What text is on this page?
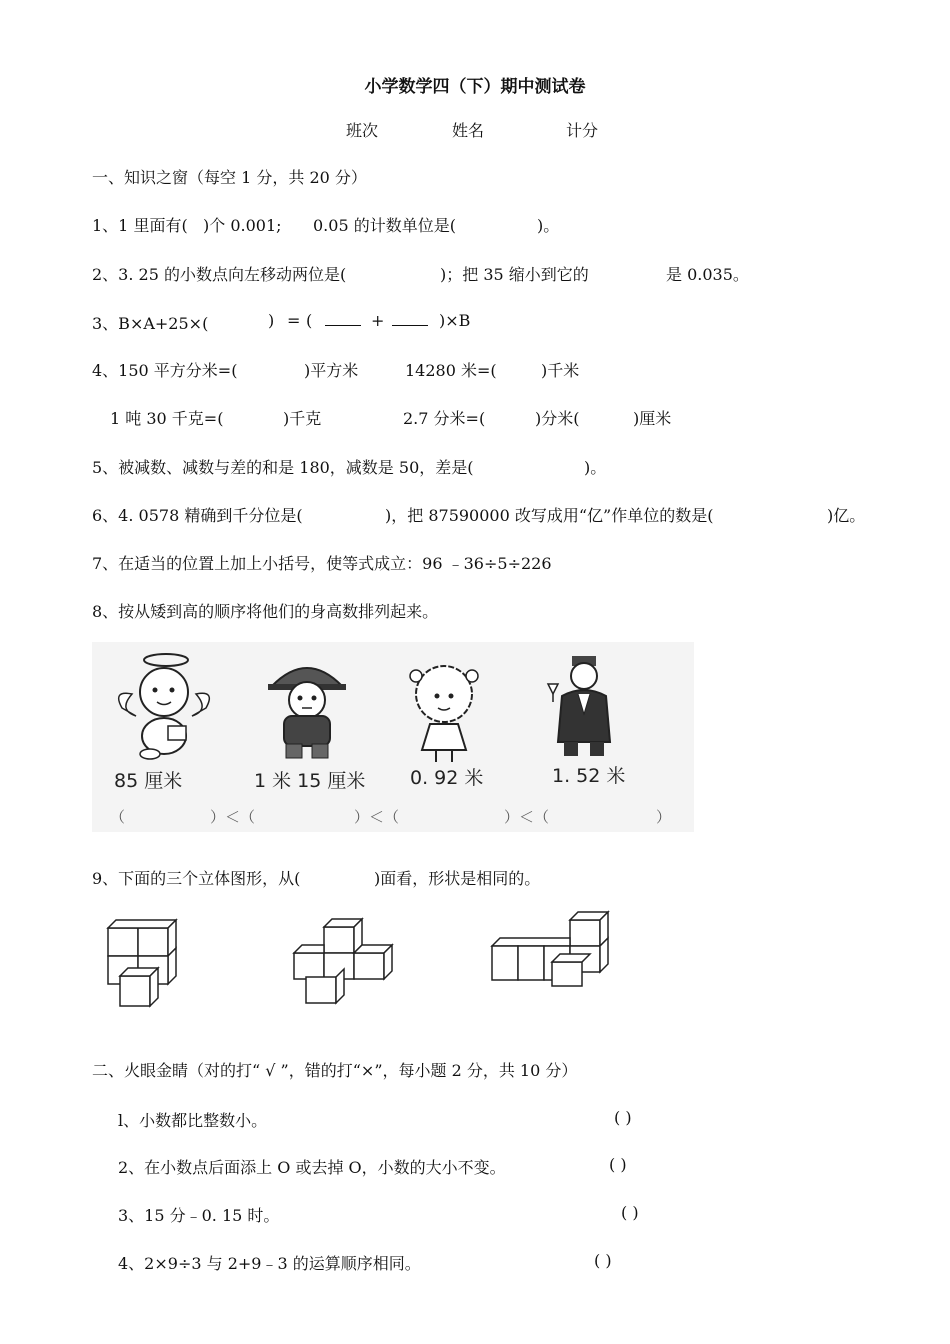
小学数学四（下）期中测试卷
班次	姓名	计分
一、知识之窗（每空 1 分，共 20 分）
1、1 里面有( )个 0.001; 0.05 的计数单位是(	)。
2、3. 25 的小数点向左移动两位是(	)；把 35 缩小到它的	是 0.035。
3、B×A+25×(	) = (	+	)×B
4、150 平方分米=(	)平方米	14280 米=(	)千米
1 吨 30 千克=(	)千克	2.7 分米=(	)分米(	)厘米
5、被减数、减数与差的和是 180，减数是 50，差是(	)。
6、4. 0578 精确到千分位是(	)，把 87590000 改写成用“亿”作单位的数是(	)亿。
7、在适当的位置上加上小括号，使等式成立：96 ﹣36÷5÷226
8、按从矮到高的顺序将他们的身高数排列起来。
85 厘米	1 米 15 厘米 0. 92 米	1. 52 米
（	）＜（	）＜（	）＜（	）
9、下面的三个立体图形，从(	)面看，形状是相同的。
二、火眼金睛（对的打“ √ ”，错的打“×”，每小题 2 分，共 10 分）
l、小数都比整数小。	( )
2、在小数点后面添上 O 或去掉 O，小数的大小不变。	( )
3、15 分﹣0. 15 时。	( )
4、2×9÷3 与 2+9﹣3 的运算顺序相同。	( )
